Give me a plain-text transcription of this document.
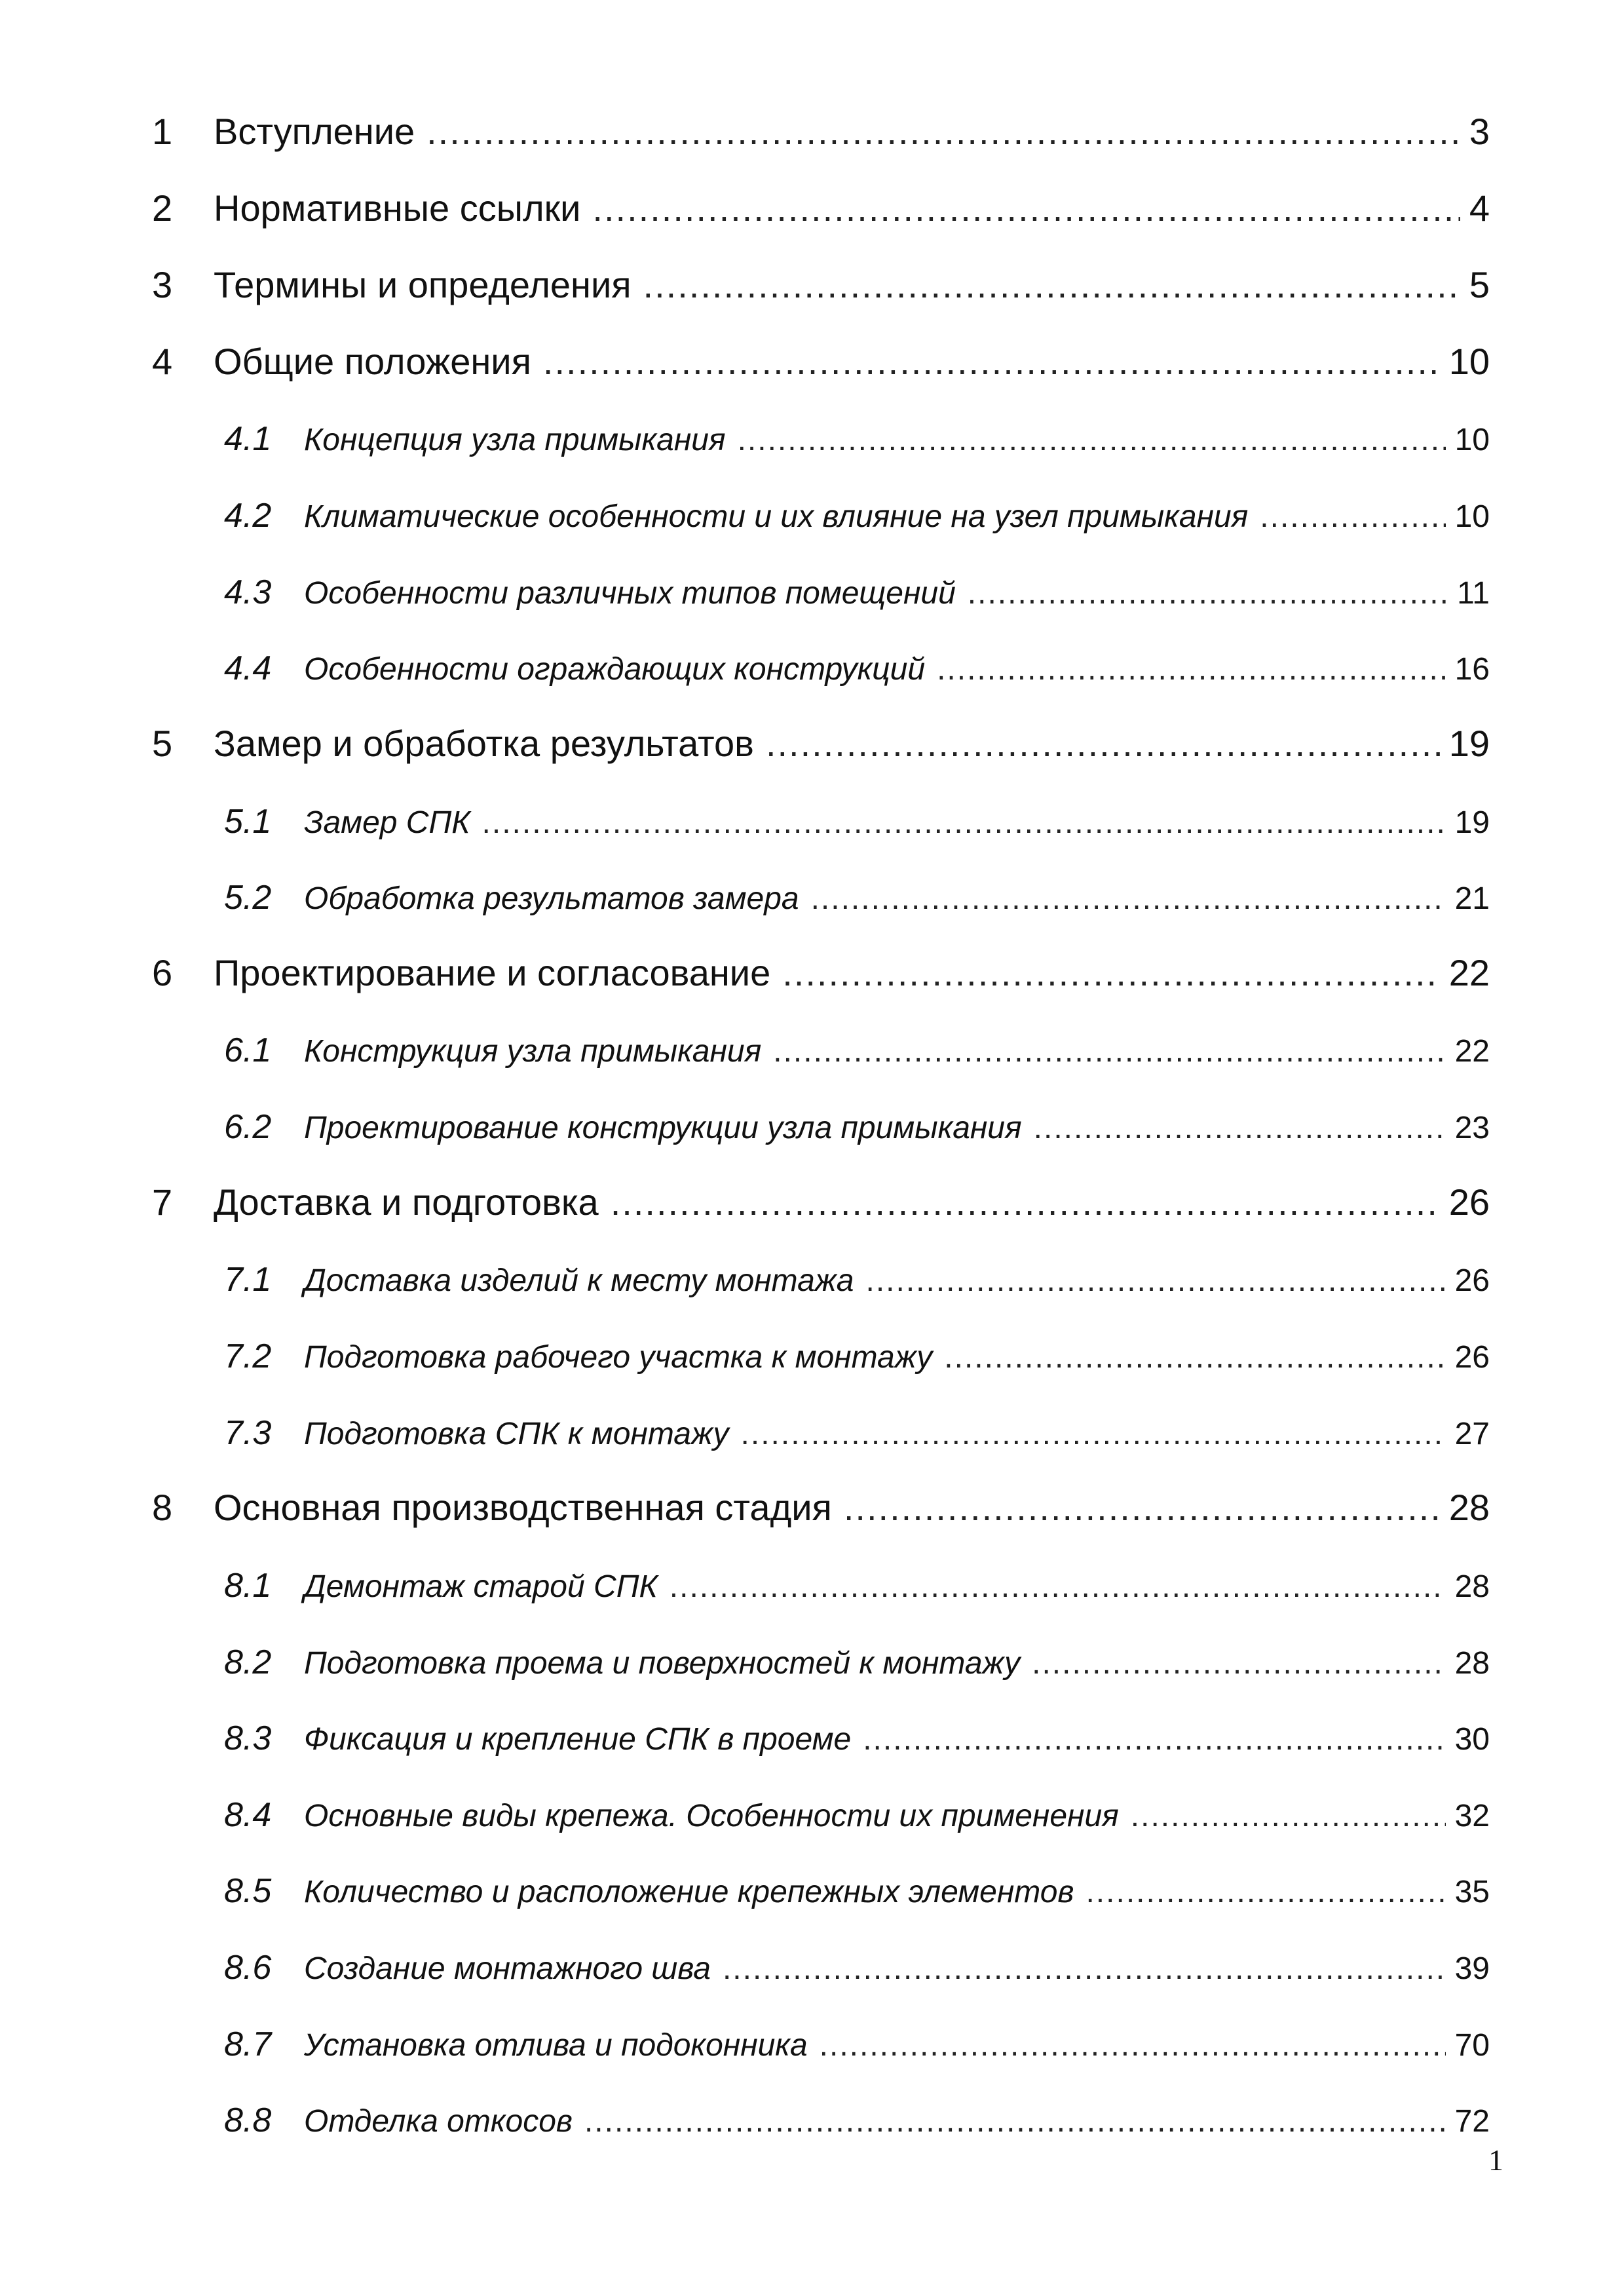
1	Вступление .....	3
2	Нормативные ссылки .....	4
3	Термины и определения .....	5
4	Общие положения .....	10
4.1	Концепция узла примыкания .....	10
4.2	Климатические особенности и их влияние на узел примыкания .....	10
4.3	Особенности различных типов помещений .....	11
4.4	Особенности ограждающих конструкций .....	16
5	Замер и обработка результатов .....	19
5.1	Замер СПК .....	19
5.2	Обработка результатов замера .....	21
6	Проектирование и согласование .....	22
6.1	Конструкция узла примыкания .....	22
6.2	Проектирование конструкции узла примыкания .....	23
7	Доставка и подготовка .....	26
7.1	Доставка изделий к месту монтажа .....	26
7.2	Подготовка рабочего участка к монтажу .....	26
7.3	Подготовка СПК к монтажу .....	27
8	Основная производственная стадия .....	28
8.1	Демонтаж старой СПК .....	28
8.2	Подготовка проема и поверхностей к монтажу .....	28
8.3	Фиксация и крепление СПК в проеме .....	30
8.4	Основные виды крепежа. Особенности их применения .....	32
8.5	Количество и расположение крепежных элементов .....	35
8.6	Создание монтажного шва .....	39
8.7	Установка отлива и подоконника .....	70
8.8	Отделка откосов .....	72
1
